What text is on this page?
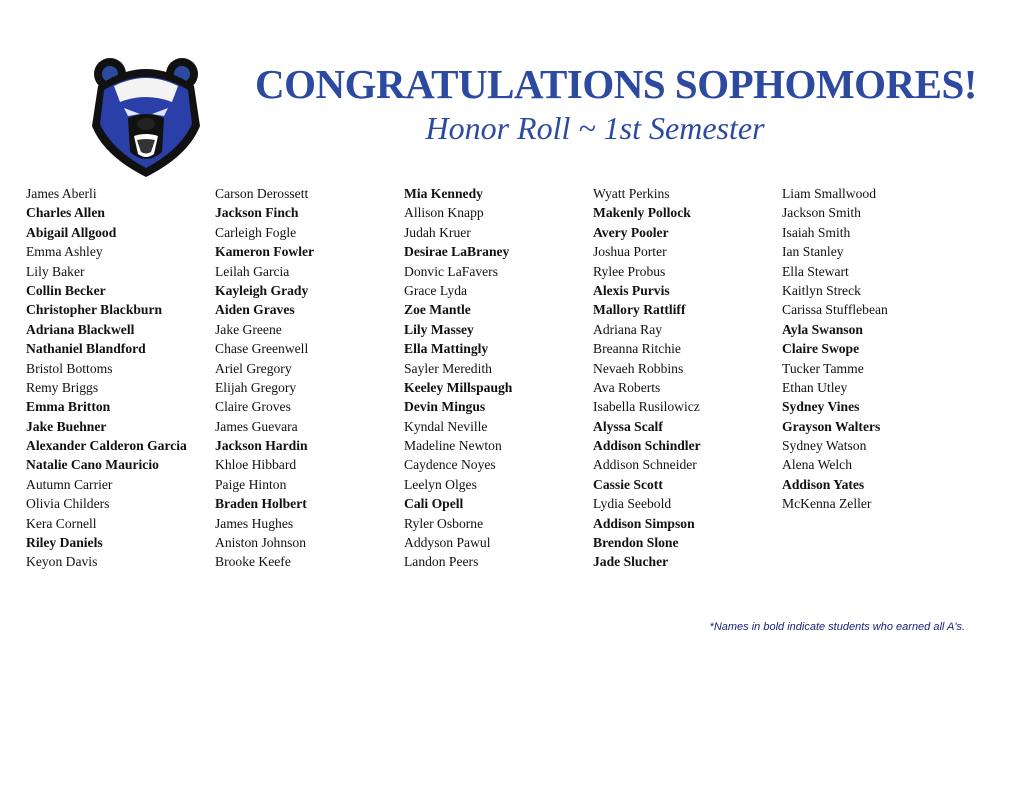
CONGRATULATIONS SOPHOMORES!
Honor Roll ~ 1st Semester
James Aberli
Charles Allen
Abigail Allgood
Emma Ashley
Lily Baker
Collin Becker
Christopher Blackburn
Adriana Blackwell
Nathaniel Blandford
Bristol Bottoms
Remy Briggs
Emma Britton
Jake Buehner
Alexander Calderon Garcia
Natalie Cano Mauricio
Autumn Carrier
Olivia Childers
Kera Cornell
Riley Daniels
Keyon Davis
Carson Derossett
Jackson Finch
Carleigh Fogle
Kameron Fowler
Leilah Garcia
Kayleigh Grady
Aiden Graves
Jake Greene
Chase Greenwell
Ariel Gregory
Elijah Gregory
Claire Groves
James Guevara
Jackson Hardin
Khloe Hibbard
Paige Hinton
Braden Holbert
James Hughes
Aniston Johnson
Brooke Keefe
Mia Kennedy
Allison Knapp
Judah Kruer
Desirae LaBraney
Donvic LaFavers
Grace Lyda
Zoe Mantle
Lily Massey
Ella Mattingly
Sayler Meredith
Keeley Millspaugh
Devin Mingus
Kyndal Neville
Madeline Newton
Caydence Noyes
Leelyn Olges
Cali Opell
Ryler Osborne
Addyson Pawul
Landon Peers
Wyatt Perkins
Makenly Pollock
Avery Pooler
Joshua Porter
Rylee Probus
Alexis Purvis
Mallory Rattliff
Adriana Ray
Breanna Ritchie
Nevaeh Robbins
Ava Roberts
Isabella Rusilowicz
Alyssa Scalf
Addison Schindler
Addison Schneider
Cassie Scott
Lydia Seebold
Addison Simpson
Brendon Slone
Jade Slucher
Liam Smallwood
Jackson Smith
Isaiah Smith
Ian Stanley
Ella Stewart
Kaitlyn Streck
Carissa Stufflebean
Ayla Swanson
Claire Swope
Tucker Tamme
Ethan Utley
Sydney Vines
Grayson Walters
Sydney Watson
Alena Welch
Addison Yates
McKenna Zeller
*Names in bold indicate students who earned all A's.
